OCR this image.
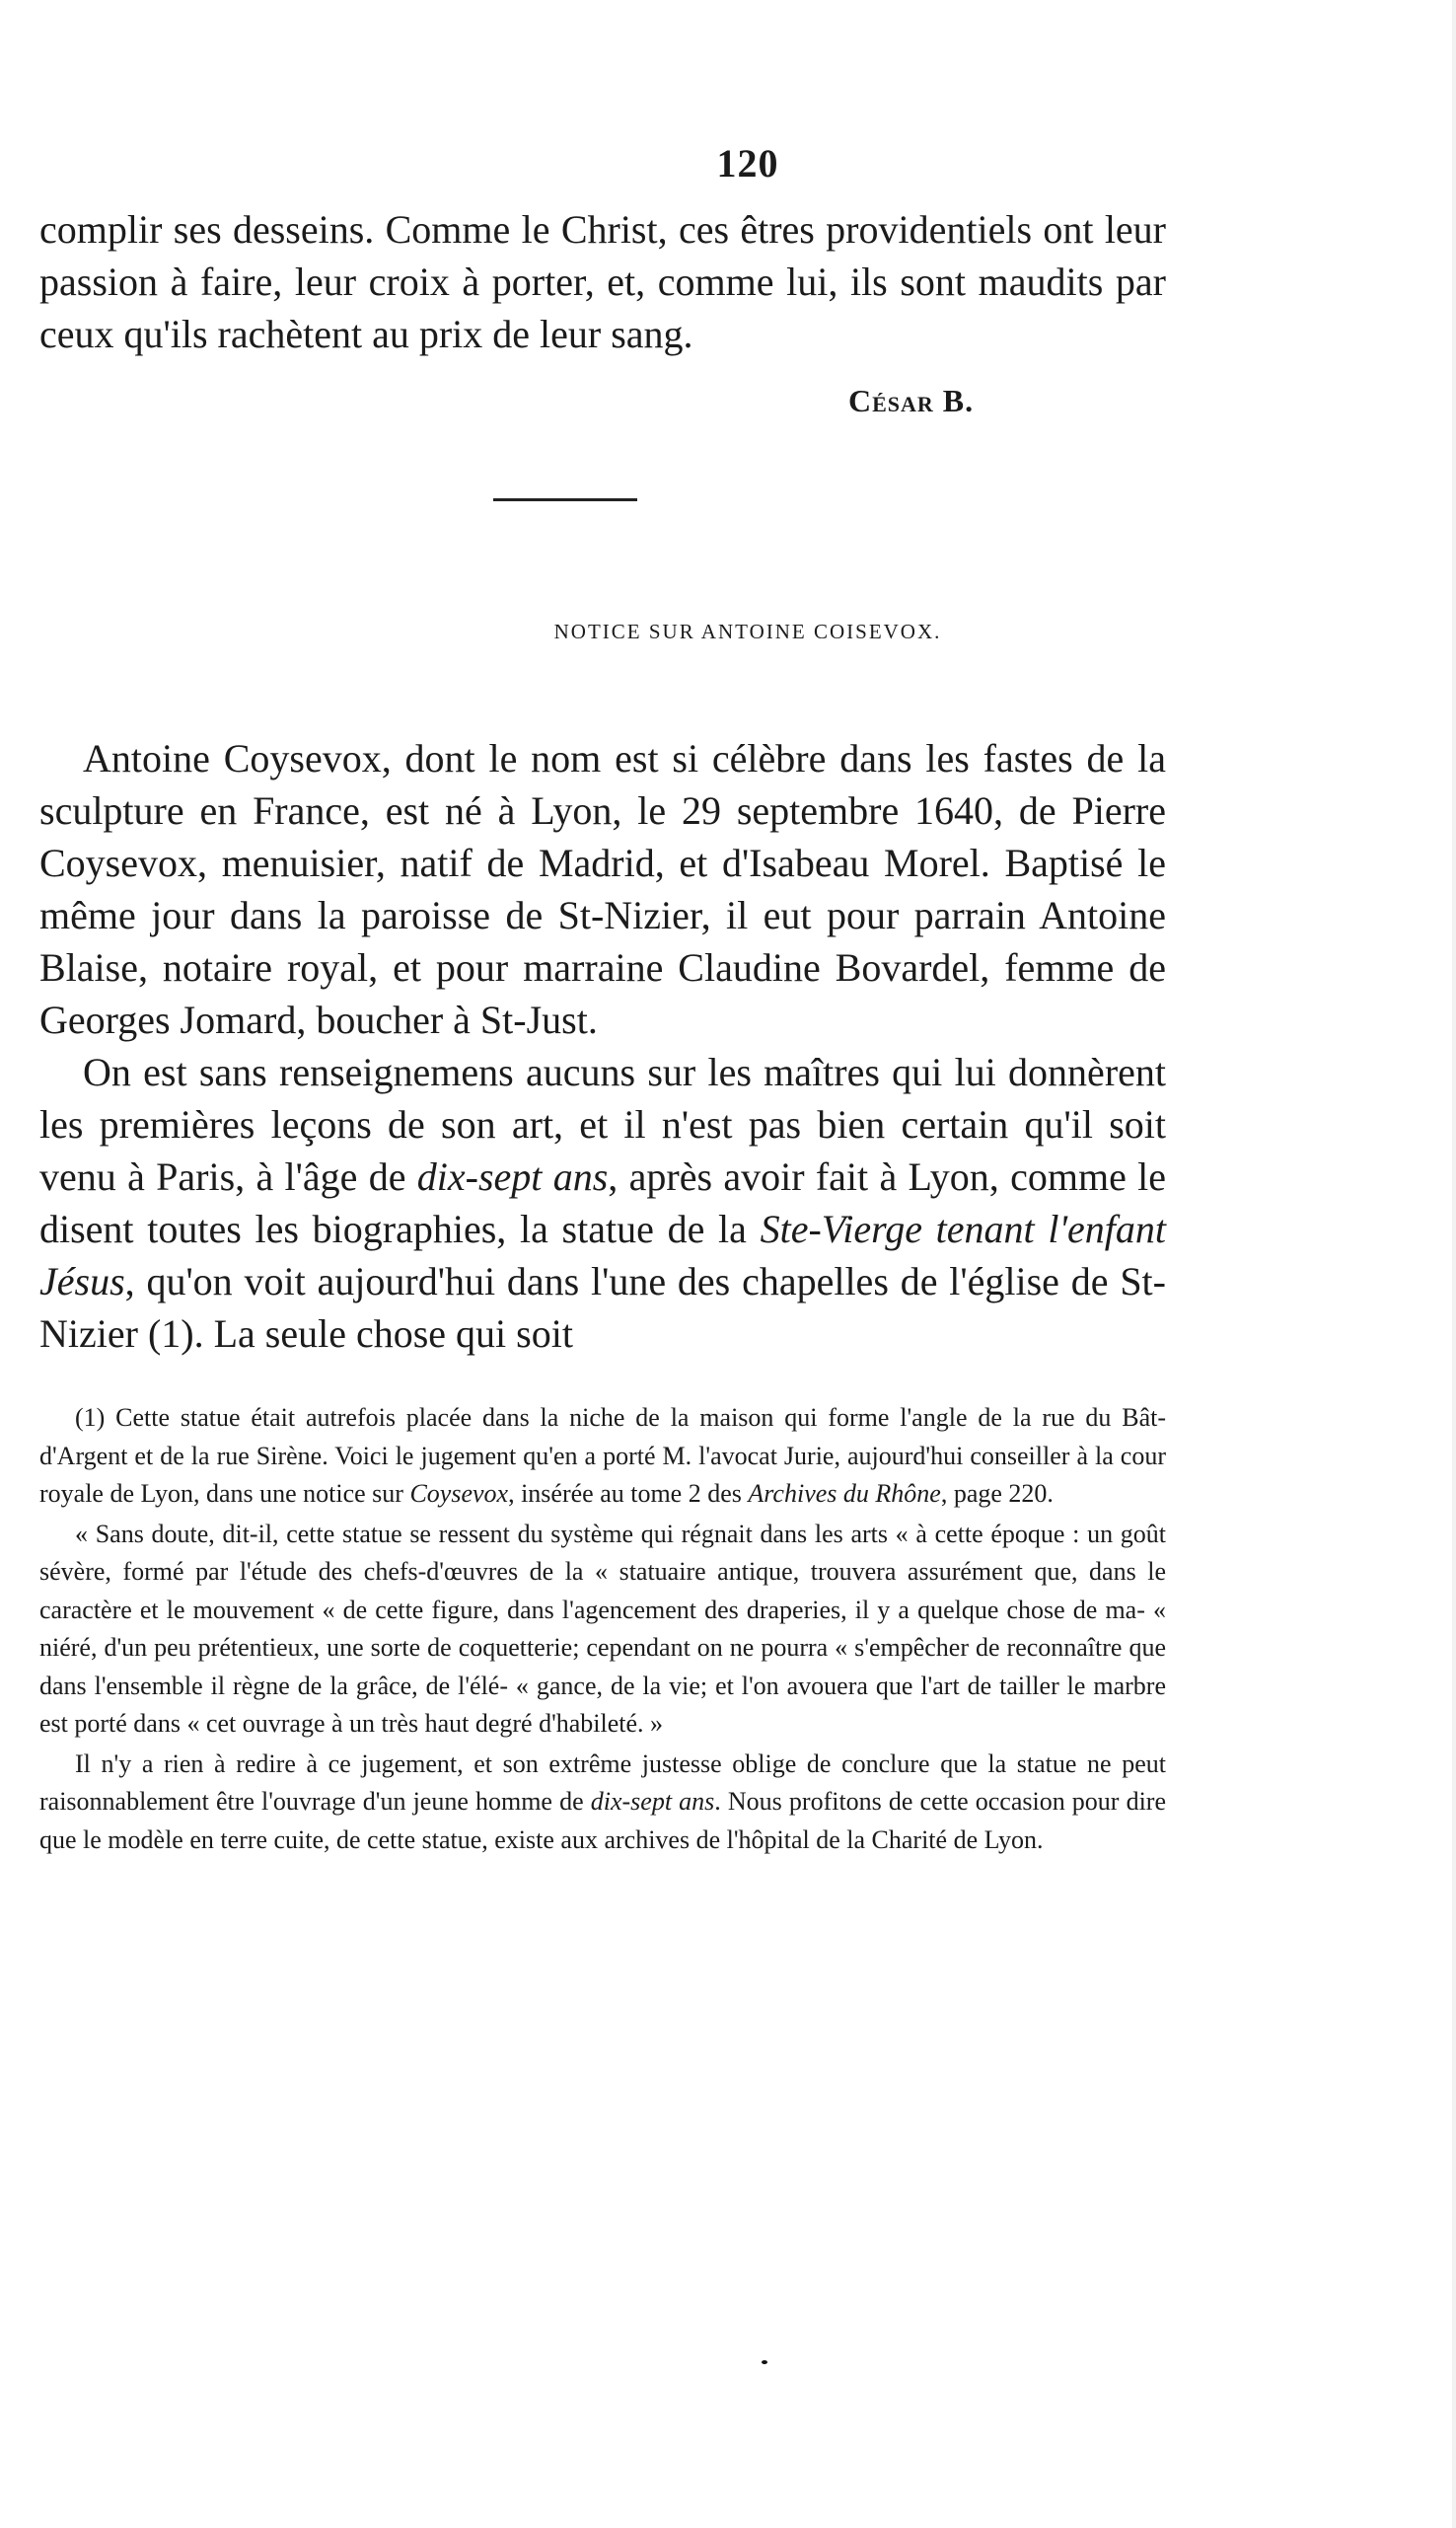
120

complir ses desseins. Comme le Christ, ces êtres providentiels ont leur passion à faire, leur croix à porter, et, comme lui, ils sont maudits par ceux qu'ils rachètent au prix de leur sang.

César B.
NOTICE SUR ANTOINE COISEVOX.

Antoine Coysevox, dont le nom est si célèbre dans les fastes de la sculpture en France, est né à Lyon, le 29 septembre 1640, de Pierre Coysevox, menuisier, natif de Madrid, et d'Isabeau Morel. Baptisé le même jour dans la paroisse de St-Nizier, il eut pour parrain Antoine Blaise, notaire royal, et pour marraine Claudine Bovardel, femme de Georges Jomard, boucher à St-Just.

On est sans renseignemens aucuns sur les maîtres qui lui donnèrent les premières leçons de son art, et il n'est pas bien certain qu'il soit venu à Paris, à l'âge de dix-sept ans, après avoir fait à Lyon, comme le disent toutes les biographies, la statue de la Ste-Vierge tenant l'enfant Jésus, qu'on voit aujourd'hui dans l'une des chapelles de l'église de St-Nizier (1). La seule chose qui soit

(1) Cette statue était autrefois placée dans la niche de la maison qui forme l'angle de la rue du Bât-d'Argent et de la rue Sirène. Voici le jugement qu'en a porté M. l'avocat Jurie, aujourd'hui conseiller à la cour royale de Lyon, dans une notice sur Coysevox, insérée au tome 2 des Archives du Rhône, page 220.

« Sans doute, dit-il, cette statue se ressent du système qui régnait dans les arts « à cette époque : un goût sévère, formé par l'étude des chefs-d'œuvres de la « statuaire antique, trouvera assurément que, dans le caractère et le mouvement « de cette figure, dans l'agencement des draperies, il y a quelque chose de ma- « niéré, d'un peu prétentieux, une sorte de coquetterie; cependant on ne pourra « s'empêcher de reconnaître que dans l'ensemble il règne de la grâce, de l'élé- « gance, de la vie; et l'on avouera que l'art de tailler le marbre est porté dans « cet ouvrage à un très haut degré d'habileté. »

Il n'y a rien à redire à ce jugement, et son extrême justesse oblige de conclure que la statue ne peut raisonnablement être l'ouvrage d'un jeune homme de dix-sept ans. Nous profitons de cette occasion pour dire que le modèle en terre cuite, de cette statue, existe aux archives de l'hôpital de la Charité de Lyon.
